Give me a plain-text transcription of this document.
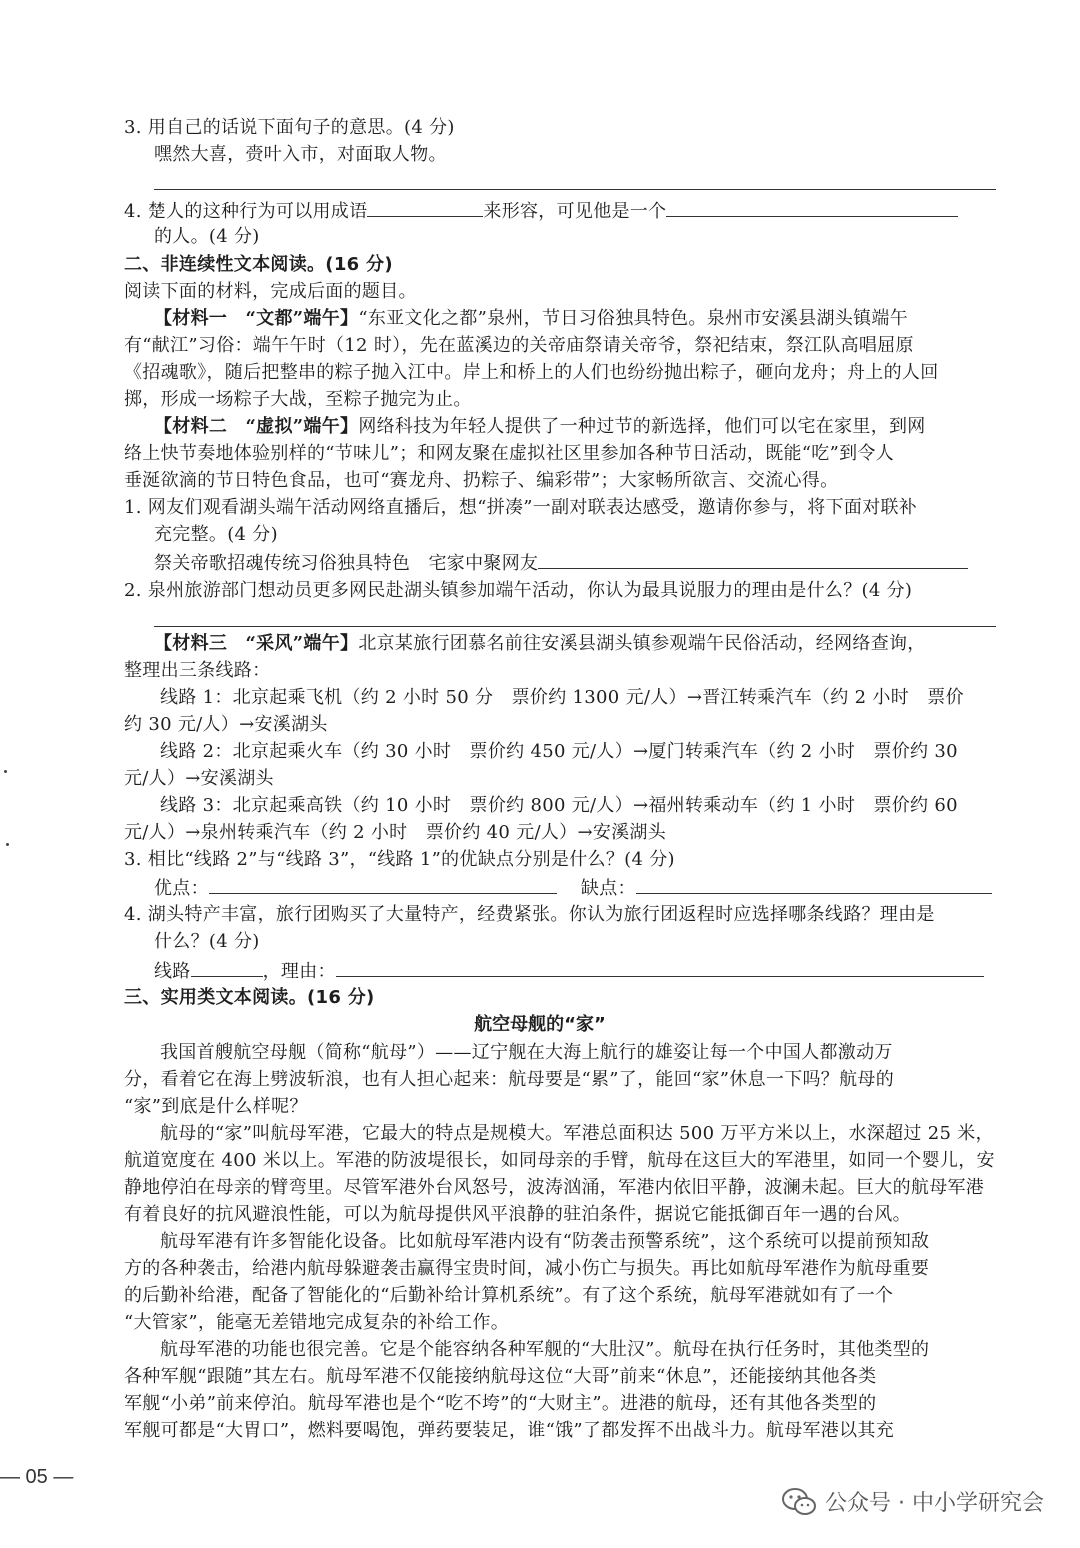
3. 用自己的话说下面句子的意思。(4 分)
嘿然大喜，赍叶入市，对面取人物。
4. 楚人的这种行为可以用成语	来形容，可见他是一个
的人。(4 分)
二、非连续性文本阅读。(16 分)
阅读下面的材料，完成后面的题目。
【材料一　“文都”端午】“东亚文化之都”泉州，节日习俗独具特色。泉州市安溪县湖头镇端午
有“献江”习俗：端午午时（12 时），先在蓝溪边的关帝庙祭请关帝爷，祭祀结束，祭江队高唱屈原
《招魂歌》，随后把整串的粽子抛入江中。岸上和桥上的人们也纷纷抛出粽子，砸向龙舟；舟上的人回
掷，形成一场粽子大战，至粽子抛完为止。
【材料二　“虚拟”端午】网络科技为年轻人提供了一种过节的新选择，他们可以宅在家里，到网
络上快节奏地体验别样的“节味儿”；和网友聚在虚拟社区里参加各种节日活动，既能“吃”到令人
垂涎欲滴的节日特色食品，也可“赛龙舟、扔粽子、编彩带”；大家畅所欲言、交流心得。
1. 网友们观看湖头端午活动网络直播后，想“拼凑”一副对联表达感受，邀请你参与，将下面对联补
充完整。(4 分)
祭关帝歌招魂传统习俗独具特色　宅家中聚网友
2. 泉州旅游部门想动员更多网民赴湖头镇参加端午活动，你认为最具说服力的理由是什么？(4 分)
【材料三　“采风”端午】北京某旅行团慕名前往安溪县湖头镇参观端午民俗活动，经网络查询，
整理出三条线路：
线路 1：北京起乘飞机（约 2 小时 50 分　票价约 1300 元/人）→晋江转乘汽车（约 2 小时　票价
约 30 元/人）→安溪湖头
线路 2：北京起乘火车（约 30 小时　票价约 450 元/人）→厦门转乘汽车（约 2 小时　票价约 30
元/人）→安溪湖头
线路 3：北京起乘高铁（约 10 小时　票价约 800 元/人）→福州转乘动车（约 1 小时　票价约 60
元/人）→泉州转乘汽车（约 2 小时　票价约 40 元/人）→安溪湖头
3. 相比“线路 2”与“线路 3”，“线路 1”的优缺点分别是什么？(4 分)
优点：	缺点：
4. 湖头特产丰富，旅行团购买了大量特产，经费紧张。你认为旅行团返程时应选择哪条线路？理由是
什么？(4 分)
线路	，理由：
三、实用类文本阅读。(16 分)
航空母舰的“家”
我国首艘航空母舰（简称“航母”）——辽宁舰在大海上航行的雄姿让每一个中国人都激动万
分，看着它在海上劈波斩浪，也有人担心起来：航母要是“累”了，能回“家”休息一下吗？航母的
“家”到底是什么样呢？
航母的“家”叫航母军港，它最大的特点是规模大。军港总面积达 500 万平方米以上，水深超过 25 米，
航道宽度在 400 米以上。军港的防波堤很长，如同母亲的手臂，航母在这巨大的军港里，如同一个婴儿，安
静地停泊在母亲的臂弯里。尽管军港外台风怒号，波涛汹涌，军港内依旧平静，波澜未起。巨大的航母军港
有着良好的抗风避浪性能，可以为航母提供风平浪静的驻泊条件，据说它能抵御百年一遇的台风。
航母军港有许多智能化设备。比如航母军港内设有“防袭击预警系统”，这个系统可以提前预知敌
方的各种袭击，给港内航母躲避袭击赢得宝贵时间，减小伤亡与损失。再比如航母军港作为航母重要
的后勤补给港，配备了智能化的“后勤补给计算机系统”。有了这个系统，航母军港就如有了一个
“大管家”，能毫无差错地完成复杂的补给工作。
航母军港的功能也很完善。它是个能容纳各种军舰的“大肚汉”。航母在执行任务时，其他类型的
各种军舰“跟随”其左右。航母军港不仅能接纳航母这位“大哥”前来“休息”，还能接纳其他各类
军舰“小弟”前来停泊。航母军港也是个“吃不垮”的“大财主”。进港的航母，还有其他各类型的
军舰可都是“大胃口”，燃料要喝饱，弹药要装足，谁“饿”了都发挥不出战斗力。航母军港以其充
— 05 —
公众号 · 中小学研究会
